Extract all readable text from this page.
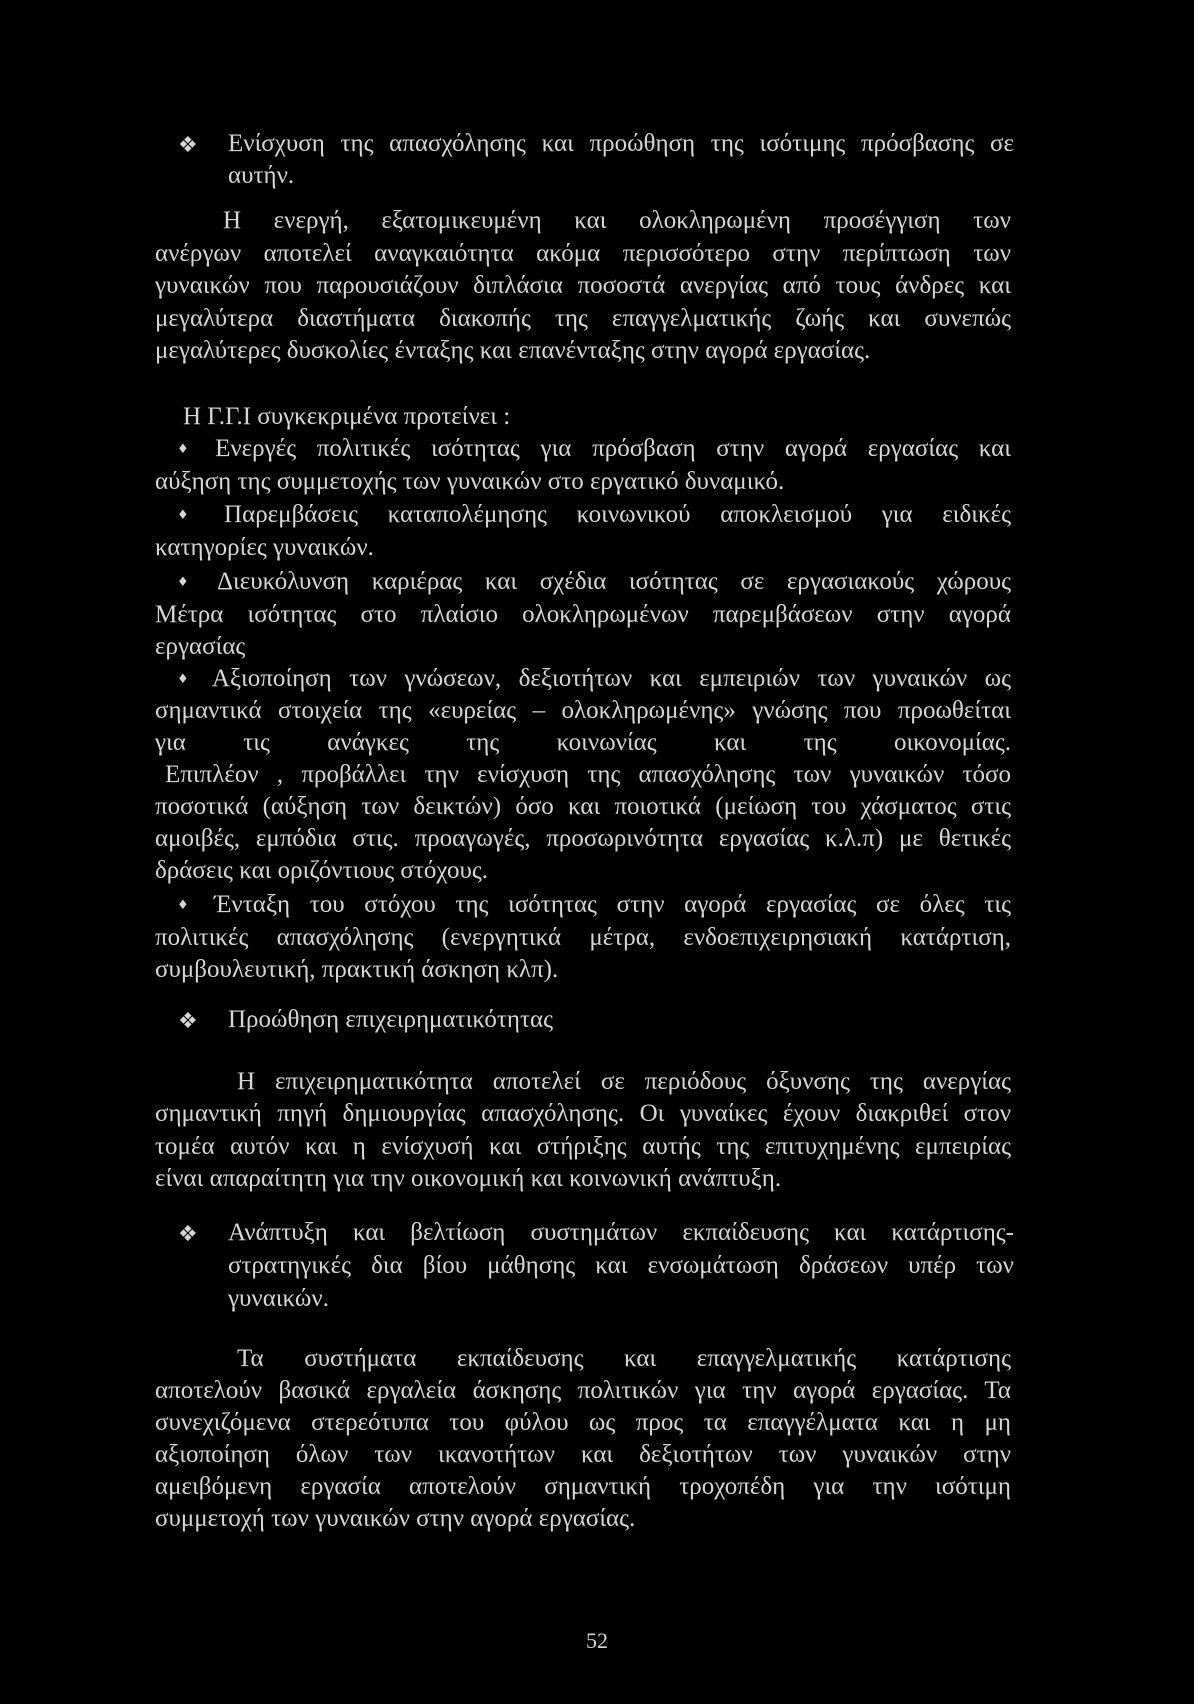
❖ Ενίσχυση της απασχόλησης και προώθηση της ισότιμης πρόσβασης σε
αυτήν.
Η ενεργή, εξατομικευμένη και ολοκληρωμένη προσέγγιση των
ανέργων αποτελεί αναγκαιότητα ακόμα περισσότερο στην περίπτωση των
γυναικών που παρουσιάζουν διπλάσια ποσοστά ανεργίας από τους άνδρες και
μεγαλύτερα διαστήματα διακοπής της επαγγελματικής ζωής και συνεπώς
μεγαλύτερες δυσκολίες ένταξης και επανένταξης στην αγορά εργασίας.
Η Γ.Γ.Ι συγκεκριμένα προτείνει :
♦ Ενεργές πολιτικές ισότητας για πρόσβαση στην αγορά εργασίας και
αύξηση της συμμετοχής των γυναικών στο εργατικό δυναμικό.
♦ Παρεμβάσεις καταπολέμησης κοινωνικού αποκλεισμού για ειδικές
κατηγορίες γυναικών.
♦ Διευκόλυνση καριέρας και σχέδια ισότητας σε εργασιακούς χώρους
Μέτρα ισότητας στο πλαίσιο ολοκληρωμένων παρεμβάσεων στην αγορά
εργασίας
♦ Αξιοποίηση των γνώσεων, δεξιοτήτων και εμπειριών των γυναικών ως
σημαντικά στοιχεία της «ευρείας – ολοκληρωμένης» γνώσης που προωθείται
για τις ανάγκες της κοινωνίας και της οικονομίας.
Επιπλέον , προβάλλει την ενίσχυση της απασχόλησης των γυναικών τόσο
ποσοτικά (αύξηση των δεικτών) όσο και ποιοτικά (μείωση του χάσματος στις
αμοιβές, εμπόδια στις. προαγωγές, προσωρινότητα εργασίας κ.λ.π) με θετικές
δράσεις και οριζόντιους στόχους.
♦ Ένταξη του στόχου της ισότητας στην αγορά εργασίας σε όλες τις
πολιτικές απασχόλησης (ενεργητικά μέτρα, ενδοεπιχειρησιακή κατάρτιση,
συμβουλευτική, πρακτική άσκηση κλπ).
❖ Προώθηση επιχειρηματικότητας
Η επιχειρηματικότητα αποτελεί σε περιόδους όξυνσης της ανεργίας
σημαντική πηγή δημιουργίας απασχόλησης. Οι γυναίκες έχουν διακριθεί στον
τομέα αυτόν και η ενίσχυσή και στήριξης αυτής της επιτυχημένης εμπειρίας
είναι απαραίτητη για την οικονομική και κοινωνική ανάπτυξη.
❖ Ανάπτυξη και βελτίωση συστημάτων εκπαίδευσης και κατάρτισης-
στρατηγικές δια βίου μάθησης και ενσωμάτωση δράσεων υπέρ των
γυναικών.
Τα συστήματα εκπαίδευσης και επαγγελματικής κατάρτισης
αποτελούν βασικά εργαλεία άσκησης πολιτικών για την αγορά εργασίας. Τα
συνεχιζόμενα στερεότυπα του φύλου ως προς τα επαγγέλματα και η μη
αξιοποίηση όλων των ικανοτήτων και δεξιοτήτων των γυναικών στην
αμειβόμενη εργασία αποτελούν σημαντική τροχοπέδη για την ισότιμη
συμμετοχή των γυναικών στην αγορά εργασίας.
52
